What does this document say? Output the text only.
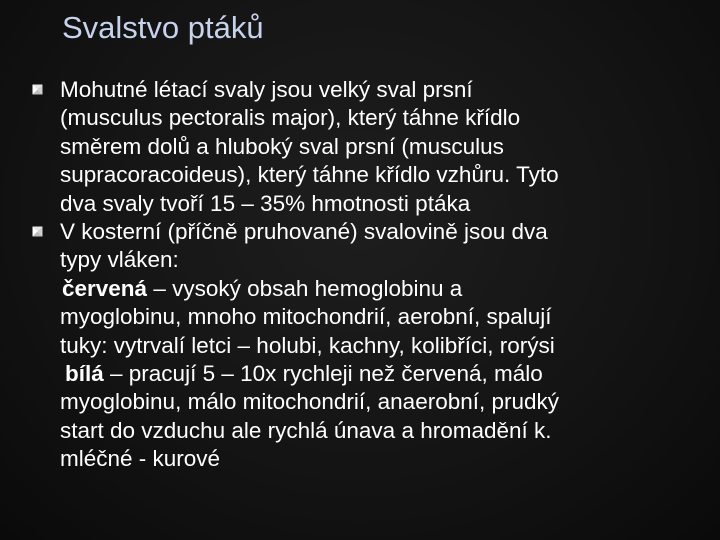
Svalstvo ptáků
Mohutné létací svaly jsou velký sval prsní
(musculus pectoralis major), který táhne křídlo
směrem dolů a hluboký sval prsní (musculus
supracoracoideus), který táhne křídlo vzhůru. Tyto
dva svaly tvoří 15 – 35% hmotnosti ptáka
V kosterní (příčně pruhované) svalovině jsou dva
typy vláken:
červená – vysoký obsah hemoglobinu a
myoglobinu, mnoho mitochondrií, aerobní, spalují
tuky: vytrvalí letci – holubi, kachny, kolibříci, rorýsi
bílá – pracují 5 – 10x rychleji než červená, málo
myoglobinu, málo mitochondrií, anaerobní, prudký
start do vzduchu ale rychlá únava a hromadění k.
mléčné - kurové
